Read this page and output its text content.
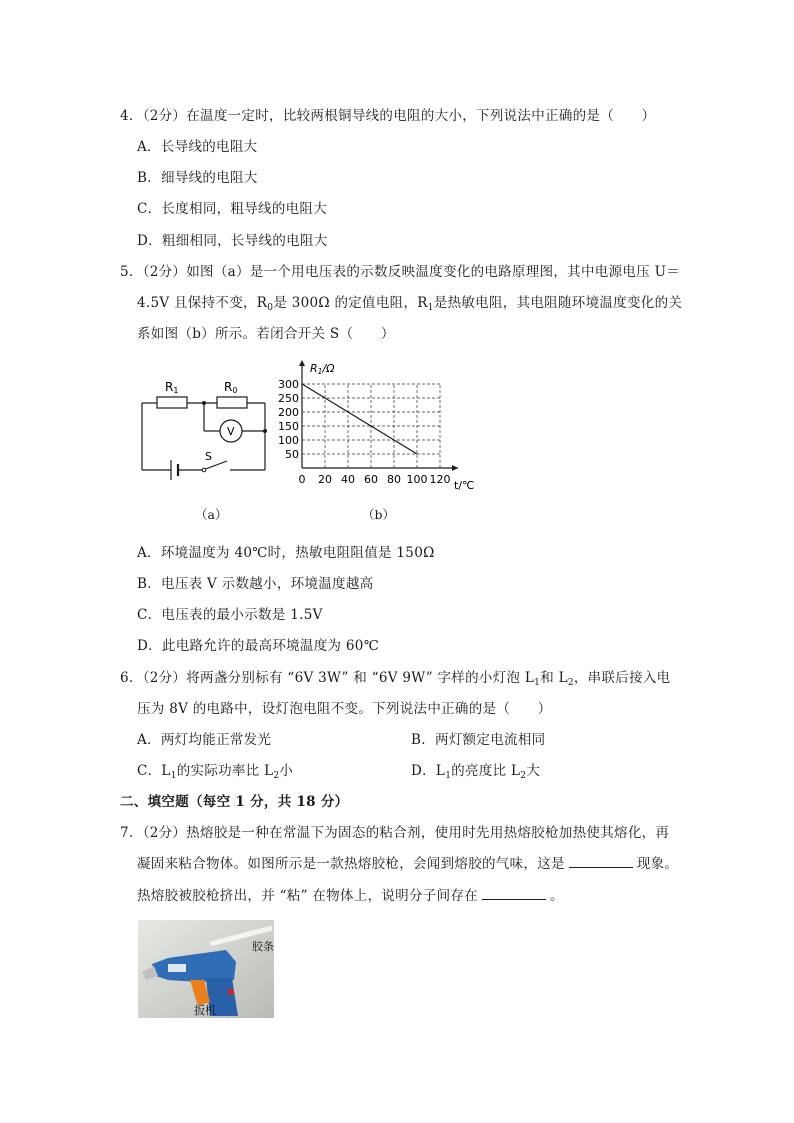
4．（2分）在温度一定时，比较两根铜导线的电阻的大小，下列说法中正确的是（　　）
A．长导线的电阻大
B．细导线的电阻大
C．长度相同，粗导线的电阻大
D．粗细相同，长导线的电阻大
5．（2分）如图（a）是一个用电压表的示数反映温度变化的电路原理图，其中电源电压 U＝
4.5V 且保持不变，$R_0$是 300Ω 的定值电阻，$R_1$是热敏电阻，其电阻随环境温度变化的关
系如图（b）所示。若闭合开关 S（　　）
R1	R0
V
S
（a）
R1/Ω
t/℃
300
250
200
150
100
50
0 20 40 60 80 100 120
（b）
A．环境温度为 40℃时，热敏电阻阻值是 150Ω
B．电压表 V 示数越小，环境温度越高
C．电压表的最小示数是 1.5V
D．此电路允许的最高环境温度为 60℃
6．（2分）将两盏分别标有 “6V 3W” 和 “6V 9W” 字样的小灯泡 $L_1$和 $L_2$，串联后接入电
压为 8V 的电路中，设灯泡电阻不变。下列说法中正确的是（　　）
A．两灯均能正常发光	B．两灯额定电流相同
C．$L_1$的实际功率比 $L_2$小	D．$L_1$的亮度比 $L_2$大
二、填空题（每空 1 分，共 18 分）
7．（2分）热熔胶是一种在常温下为固态的粘合剂，使用时先用热熔胶枪加热使其熔化，再
凝固来粘合物体。如图所示是一款热熔胶枪，会闻到熔胶的气味，这是	现象。
热熔胶被胶枪挤出，并 “粘” 在物体上，说明分子间存在	。
胶条
扳机
